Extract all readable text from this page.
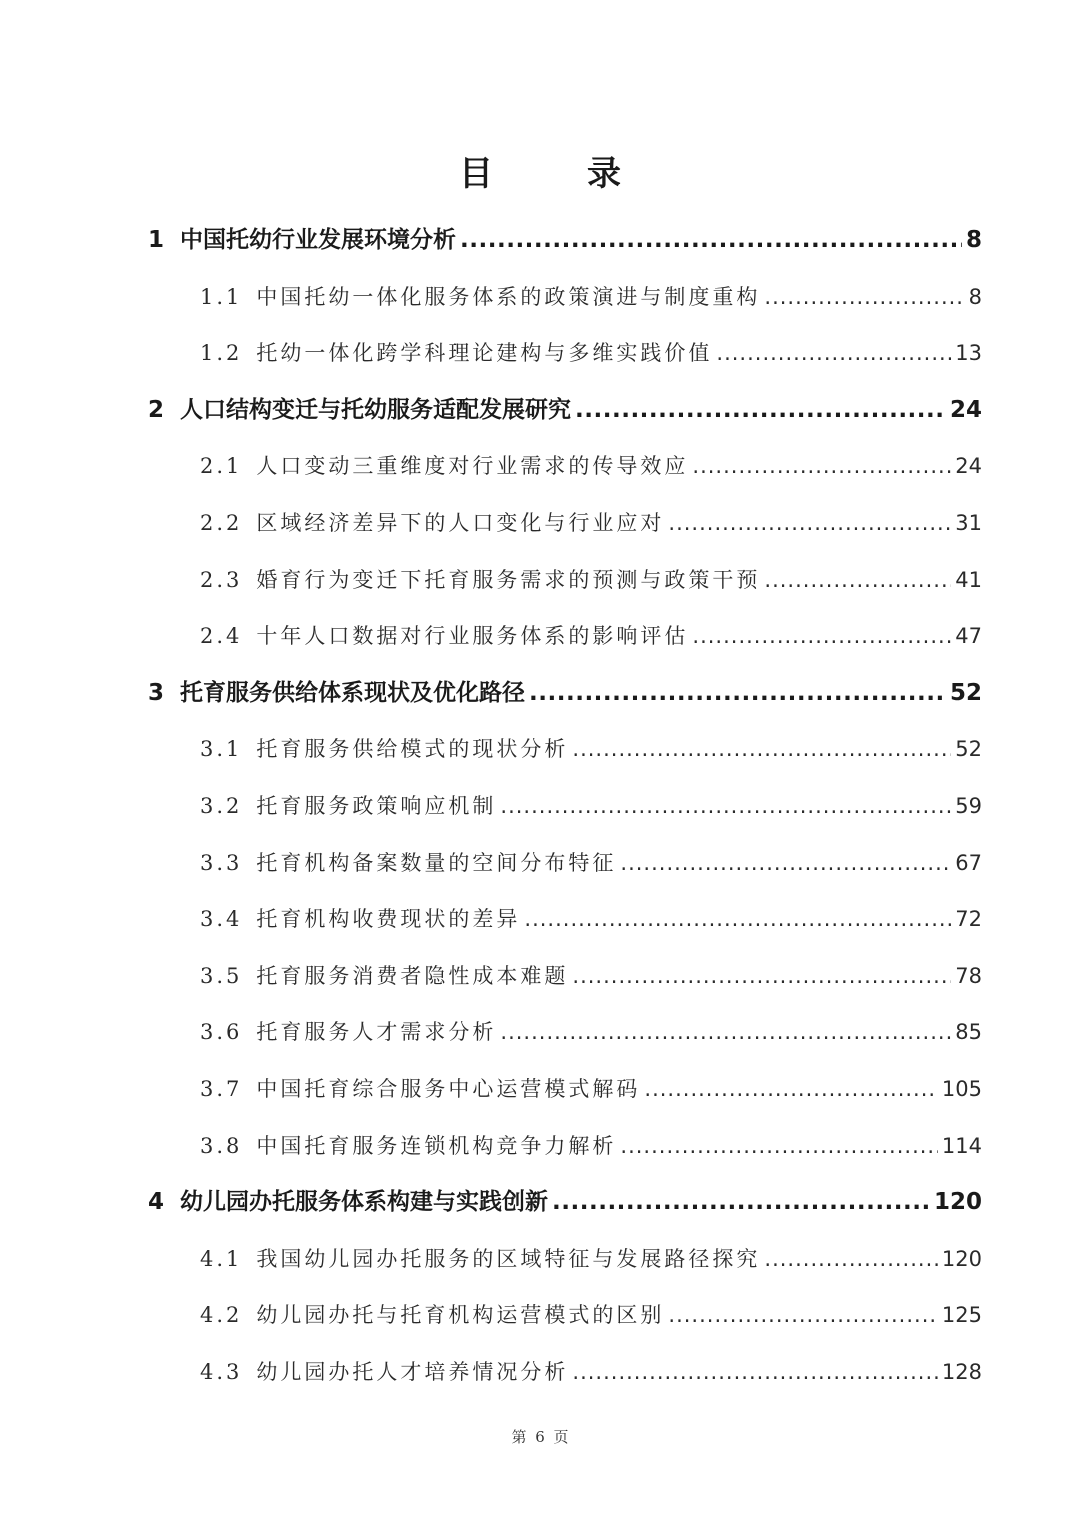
目　录
1 中国托幼行业发展环境分析 .....	8
1.1 中国托幼一体化服务体系的政策演进与制度重构 .....	8
1.2 托幼一体化跨学科理论建构与多维实践价值 .....	13
2 人口结构变迁与托幼服务适配发展研究 .....	24
2.1 人口变动三重维度对行业需求的传导效应 .....	24
2.2 区域经济差异下的人口变化与行业应对 .....	31
2.3 婚育行为变迁下托育服务需求的预测与政策干预 .....	41
2.4 十年人口数据对行业服务体系的影响评估 .....	47
3 托育服务供给体系现状及优化路径 .....	52
3.1 托育服务供给模式的现状分析 .....	52
3.2 托育服务政策响应机制 .....	59
3.3 托育机构备案数量的空间分布特征 .....	67
3.4 托育机构收费现状的差异 .....	72
3.5 托育服务消费者隐性成本难题 .....	78
3.6 托育服务人才需求分析 .....	85
3.7 中国托育综合服务中心运营模式解码 .....	105
3.8 中国托育服务连锁机构竞争力解析 .....	114
4 幼儿园办托服务体系构建与实践创新 .....	120
4.1 我国幼儿园办托服务的区域特征与发展路径探究 .....	120
4.2 幼儿园办托与托育机构运营模式的区别 .....	125
4.3 幼儿园办托人才培养情况分析 .....	128
第 6 页
